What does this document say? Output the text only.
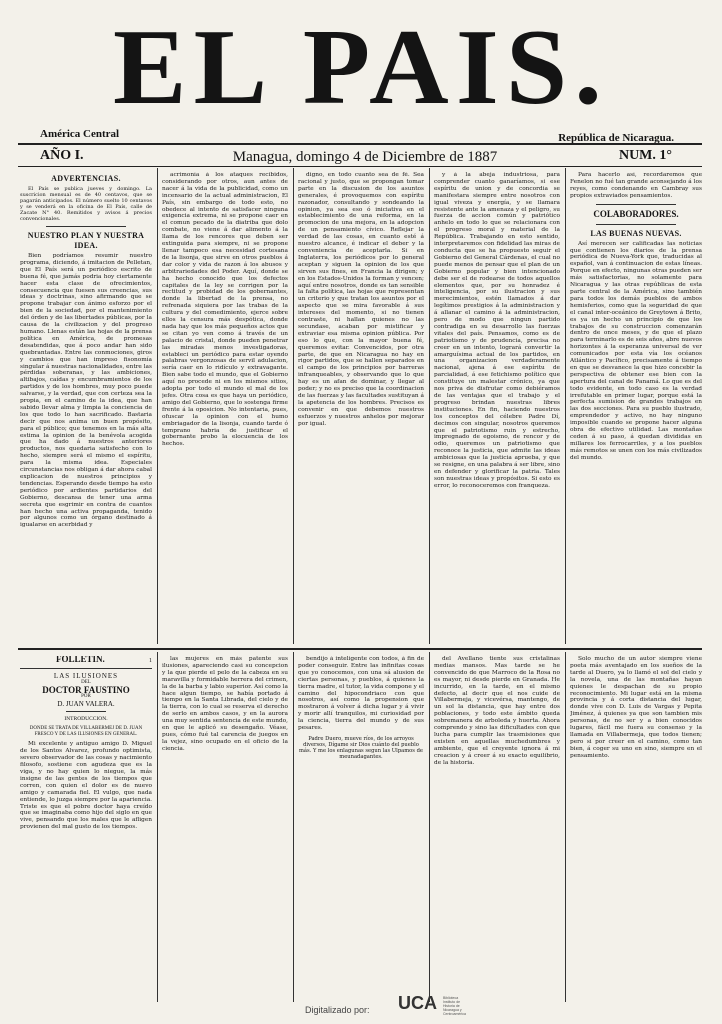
EL PAIS.
América Central	República de Nicaragua.
AÑO I.	Managua, domingo 4 de Diciembre de 1887	NUM. 1°
ADVERTENCIAS.
El País se publica jueves y domingo. La suscricion mensual es de 40 centavos, que se pagarán anticipados. El número suelto 10 centavos y se venderá en la oficina de El País, calle de Zacate N° 40. Remitidos y avisos á precios convencionales.
NUESTRO PLAN Y NUESTRA IDEA.
Bien podríamos resumir nuestro programa, diciendo, á imitacion de Pelletan, que El País será un periódico escrito de buena fé, que jamás podria hoy ciertamente hacer esta clase de ofrecimientos, consecuencia que fuesen sus creencias, sus ideas y doctrinas, sino afirmando que se propone trabajar con ánimo esforzo por el bien de la sociedad, por el mantenimiento del órden y de las libertades públicas, por la causa de la civilizacion y del progreso humano. Llenas están las hojas de la prensa política en América, de promesas desatendidas, que á poco andar han sido quebrantadas. Entre las conmociones, giros y cambios que han impreso fisonomía singular á nuestras nacionalidades, entre las pérdidas soberanas, y las ambiciones, altibajos, caídas y encumbramientos de los partidos y de los hombres, muy poco puede salvarse, y la verdad, que con certeza sea la propia, en el camino de la idea, que han sabido llevar alma y limpia la conciencia de los que todo lo han sacrificado. Bastaria decir que nos anima un buen propósito, para el público; que tenemos en la más alta estima la opinion de la benévola acogida que ha dado á nuestros anteriores productos, nos quedaria satisfecho con lo hecho, siempre será el mismo el espíritu, para la misma idea. Especiales circunstancias nos obligan á dar ahora cabal explicacion de nuestros principios y tendencias. Esperando desde tiempo ha esto periódico por ardientes partidarios del Gobierno, descansa de tener una arma secreta que esgrimir en contra de cuantos han hecho una activa propaganda, tenido por algunos como un órgano destinado á igualarse en acerbidad y
acrimonía á los ataques recibidos, considerando por otros, aun antes de nacer á la vida de la publicidad, como un incensario de la actual administracion, El País, sin embargo de todo esto, no obedece al intento de satisfacer ninguna exigencia extrema, ni se propone caer en el comun pecado de la diatriba que dolo combate, no viene á dar alimento á la llama de los rencores que deben ser extinguida para siempre, ni se propone llenar tampoco esa necesidad cortesana de la lisonja, que sirve en otros pueblos á dar color y vida de razon á los abusos y arbitrariedades del Poder. Aquí, donde se ha hecho conocido que los defectos capitales de la ley se corrigen por la rectitud y probidad de los gobernantes, donde la libertad de la prensa, no refrenada siquiera por las trabas de la cultura y del comedimiento, ejerce sobre ellos la censura más despótica, donde nada hay que los más pequeños actos que se citan yo ven como á través de un palacio de cristal, donde pueden penetrar las miradas menos investigadoras, estableci un periódico para estar oyendo palabras vergonzosas de servil adulacion, sería caer en lo ridículo y extravagante. Bien sabe todo el mundo, que el Gobierno aquí no procede ni en los mismos sitios, adopta por todo el mundo el mal de los jefes. Otra cosa es que haya un periódico, amigo del Gobierno, que lo sostenga firme frente á la oposicion. No intentaria, pues, ofuscar la opinion con el humo embriagador de la lisonja, cuando tarde ó temprano habria de justificar el gobernante probo la elocuencia de los hechos.
digno, en todo cuanto sea de fé. Sea racional y justo, que se propongan tomar parte en la discusion de los asuntos generales, é provoquemos con espíritu razonador, consultando y sondeando la opinion, ya sea eso ó iniciativa en el establecimiento de una reforma, en la promocion de una mejora, en la adopcion de un pensamiento cívico. Reflejar la verdad de las cosas, en cuanto esté á nuestro alcance, é indicar el deber y la conveniencia de aceptarla. Si en Inglaterra, los periódicos por lo general aceptan y siguen la opinion de los que sirven sus fines, en Francia la dirigen; y en los Estados-Unidos la forman y vencen; aquí entre nosotros, donde es tan sensible la falta política, las hojas que representan un criterio y que tratan los asuntos por el aspecto que se mira favorable á sus intereses del momento, si no tienen contraste, ni hallan quienes no las secundase, acaban por mistificar y extraviar esa misma opinion pública. Por eso lo que, con la mayor buena fé, queremos evitar. Convencidos, por otra parte, de que en Nicaragua no hay en rigor partidos, que se hallen separados en el campo de los principios por barreras infranqueables, y observando que lo que hay es un afan de dominar, y llegar al poder; y no es preciso que la coordinacion de las fuerzas y las facultades sustituyan á la apetencia de los hombres. Precisos es convenir en que debemos nuestros esfuerzos y nuestros anhelos por mejorar por igual.
y á la abeja industriosa, para comprender cuanto ganaríamos, si ese espíritu de union y de concordia se manifestara siempre entre nosotros con igual viveza y energía, y se llamara resistente ante la amenaza y el peligro, su fuerza de accion común y patriótico anhelo en todo lo que se relacionara con el progreso moral y material de la República. Trabajando en esto sentido, interpretaremos con fidelidad las miras de conducta que se ha propuesto seguir el Gobierno del General Cárdenas, el cual no puede menos de pensar que el plan de un Gobierno popular y bien intencionado debe ser el de rodearse de todos aquellos elementos que, por su honradez é inteligencia, por su ilustracion y sus merecimientos, estén llamados á dar legítimos prestigios á la administracion y á allanar el camino á la administracion, pero de modo que ningun partido contradiga en su desarrollo las fuerzas vitales del país. Pensamos, como es de patriotismo y de prudencia, precisa no creer en un intento, logrará convertir la amarguísima actual de los partidos, en una organizacion verdaderamente nacional, ajena á ese espíritu de parcialidad, á ese fetichismo político que constituye un malestar crónico, ya que nos priva de disfrutar como debiéramos de las ventajas que el trabajo y el progreso brindan nuestras libres instituciones. En fin, haciendo nuestros los conceptos del célebre Padre Dí, decimos con singular, nosotros queremos que el patriotismo ruin y estrecho, impregnado de egoismo, de rencor y de odio, queremos un patriotismo que reconoce la justicia, que admite las ideas ambiciosas que la justicia aprueba, y que se resigne, en una palabra á ser libre, sino en defender y glorificar la patria. Tales son nuestras ideas y propósitos. Si esto es error, lo reconoceremos con franqueza.
Para hacerlo así, recordaremos que Fenelon no fué tan grande aconsejando á los reyes, como condenando en Cambray sus propios extraviados pensamientos.
COLABORADORES.
LAS BUENAS NUEVAS.
Así merecen ser calificadas las noticias que contienen los diarios de la prensa periódica de Nueva-York que, traducidas al español, van á continuacion de estas líneas. Porque en efecto, ningunas otras pueden ser más satisfactorias, no solamente para Nicaragua y las otras repúblicas de esta parte central de la América, sino también para todos los demás pueblos de ambos hemisferios, como que la seguridad de que el canal inter-oceánico de Greytown á Brito, es ya un hecho un principio de que los trabajos de su construccion comenzarán dentro de once meses, y de que el plazo para terminarlo es de seis años, abre nuevos horizontes á la esperanza universal de ver comunicados por esta vía los océanos Atlántico y Pacífico, precisamente á tiempo en que se desvanece la que hizo concebir la perspectiva de obtener ese bien con la apertura del canal de Panamá. Lo que es del todo evidente, en todo caso es la verdad irrefutable en primer lugar, porque está la perfecta sumision de grandes trabajos en las dos secciones. Para su pueblo ilustrado, emprendedor y activo, no hay ninguno imposible cuando se propone hacer alguna obra de efectivo utilidad. Las montañas ceden á su paso, á quedan divididas en millares los ferrocarriles, y a los pueblos más remotos se unen con los más civilizados del mundo.
FOLLETIN.	1
LAS ILUSIONES
DEL
DOCTOR FAUSTINO
POR
D. JUAN VALERA.
INTRODUCCION.
DONDE SE TRATA DE VILLABERMEJ DE D. JUAN FRESCO Y DE LAS ILUSIONES EN GENERAL.
Mi excelente y antiguo amigo D. Miguel de los Santos Alvarez, profundo optimista, severo observador de las cosas y nacimiento filosofo, sostiene con agudeza que es la viga, y no hay quien lo niegue, la más insigne de las gentes de los tiempos que corren, con quien el dolor es de nuevo amigo y camarada fiel. El vulgo, que nada entiende, lo juzga siempre por la apariencia. Triste es que el pobre doctor haya creído que se imaginaba como hijo del siglo en que vive, pensando que los males que le afligen provienen del mal gusto de los tiempos.
las mujeres en más patente sus ilusiones, apareciendo casi su concepcion y la que pierde el pelo de la cabeza en su maravilla y formidable herrera del crimen, la de la barba y labio superior. Así como la hace algun tiempo, se había portado á tiempo en la Santa Librada, del cielo y de la tierra, con lo cual se reserva el derecho de serlo en ambos casos, y en la aurora una muy sentida sentencia de este mundo, en que le aplicó su desengaño. Véase, pues, cómo fué tal carencia de juegos en la vejez, sino ocupado en el oficio de la ciencia.
bendijo á inteligente con todos, á fin de poder conseguir. Entre las infinitas cosas que yo conocemos, con una sá alusion de ciertas personas, y pueblos, á quienes la tierra madre, el tutor, la vida compone y el camino del hipocondriaco con que nosotros, así como la propension que mostraron á volver á dicha lugar y á vivir y morir allí tranquilos, mi curiosidad por la ciencia, tierra del mundo y de sus pesares.
Padre Duero, mueve ríos, de los arroyos diversos, Dígame sir Dios cuánto del pueblo más. Y me los enlagunas segun las Ulpamos de meunadagantes.
del Avellano tiente sus cristalinas medias mansos. Mas tarde se he convencido de que Marroco de la Rosa no es mayor, ni desde pierde en Granada. He incurrido, en la tarde, en el mismo defecto, al decir que el nos cuide de Villabermeja, y vicevérsa, mantengo, de un sol la distancia, que hay entre dos poblaciones, y todo este ámbito queda sobremanera de arboleda y huerta. Ahora comprendo y sino las dificultades con que lucha para cumplir las trasmisiones que existen en aquellas muchedumbres y ambiente, que el creyente ignora á mi creacion y á creer á su exacto equilibrio, de la historia.
Solo mucho de un autor siempre viene poeta más aventajado en los sueños de la tarde al Duero, ya lo llamó el sol del cielo y la novela, una de las montañas hayan quienes le despachan de su propio reconocimiento. Mi lugar está en la misma provincia y á corta distancia del lugar, donde vive con D. Luis de Vargas y Pepita Jiménez, á quienes ya que son tambien mis personas, de no ser y a bien conocidos lugares, fácil me fuera su consenso y la llamada en Villabermeja, que todos tienen; pero si por creer en el camino, como tan bien, á coger su uno en sino, siempre en el pensamiento.
Digitalizado por: UCA Biblioteca Instituto de Historia de Nicaragua y Centroamérica
